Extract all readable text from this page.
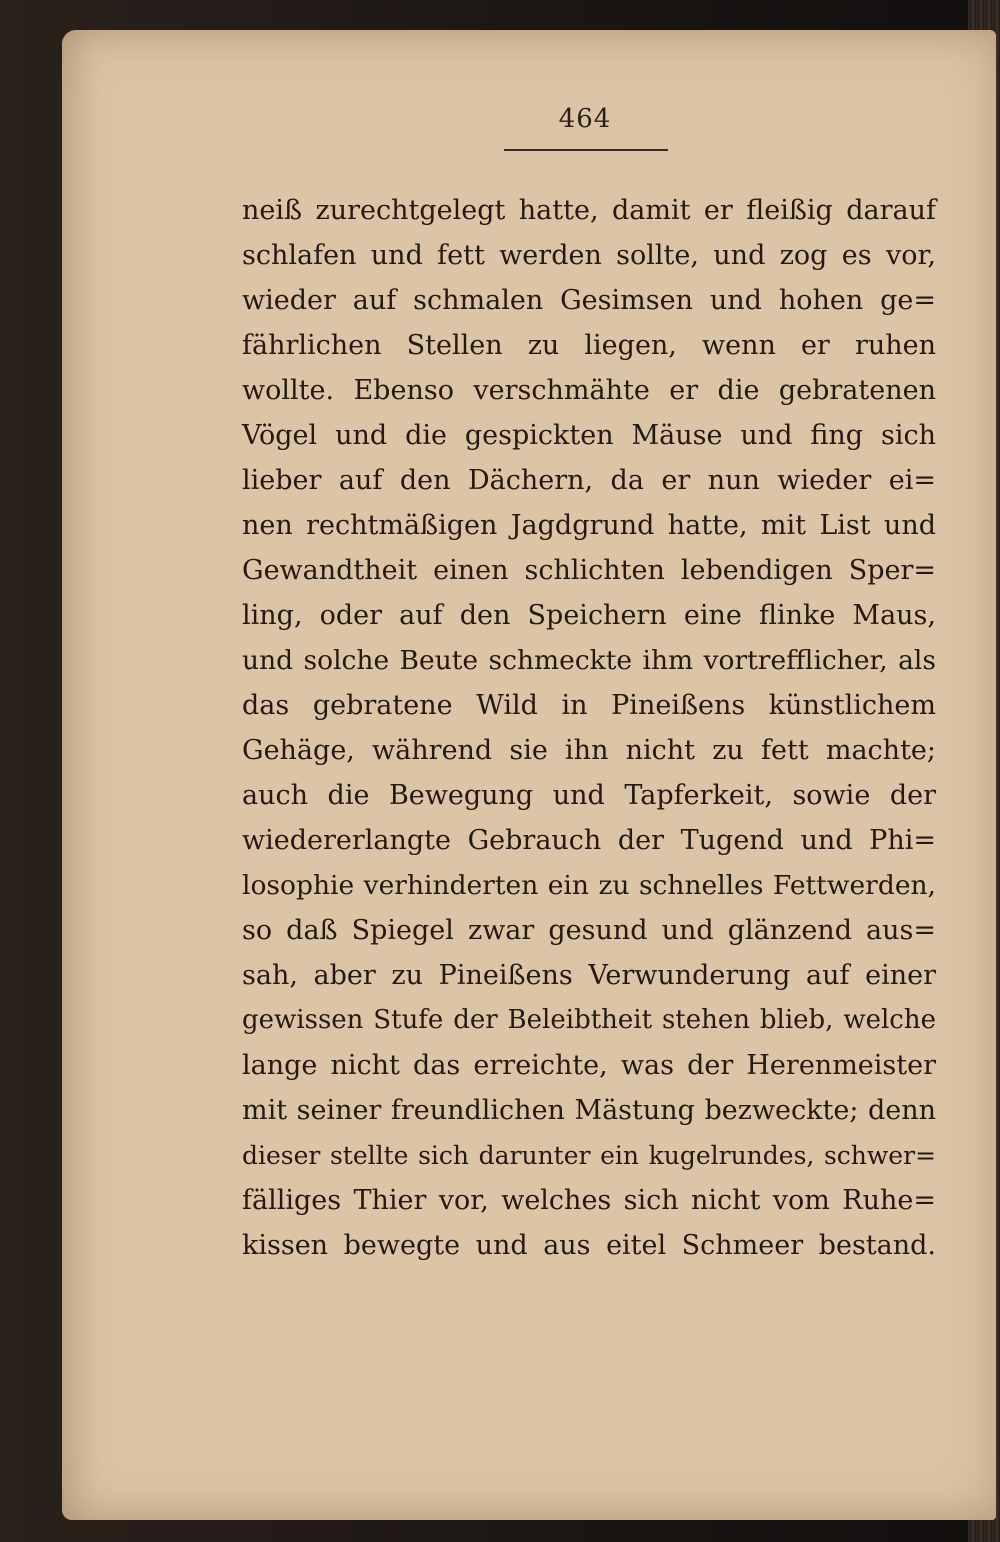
464
neiß zurechtgelegt hatte, damit er fleißig darauf
schlafen und fett werden sollte, und zog es vor,
wieder auf schmalen Gesimsen und hohen ge=
fährlichen Stellen zu liegen, wenn er ruhen
wollte. Ebenso verschmähte er die gebratenen
Vögel und die gespickten Mäuse und fing sich
lieber auf den Dächern, da er nun wieder ei=
nen rechtmäßigen Jagdgrund hatte, mit List und
Gewandtheit einen schlichten lebendigen Sper=
ling, oder auf den Speichern eine flinke Maus,
und solche Beute schmeckte ihm vortrefflicher, als
das gebratene Wild in Pineißens künstlichem
Gehäge, während sie ihn nicht zu fett machte;
auch die Bewegung und Tapferkeit, sowie der
wiedererlangte Gebrauch der Tugend und Phi=
losophie verhinderten ein zu schnelles Fettwerden,
so daß Spiegel zwar gesund und glänzend aus=
sah, aber zu Pineißens Verwunderung auf einer
gewissen Stufe der Beleibtheit stehen blieb, welche
lange nicht das erreichte, was der Herenmeister
mit seiner freundlichen Mästung bezweckte; denn
dieser stellte sich darunter ein kugelrundes, schwer=
fälliges Thier vor, welches sich nicht vom Ruhe=
kissen bewegte und aus eitel Schmeer bestand.
